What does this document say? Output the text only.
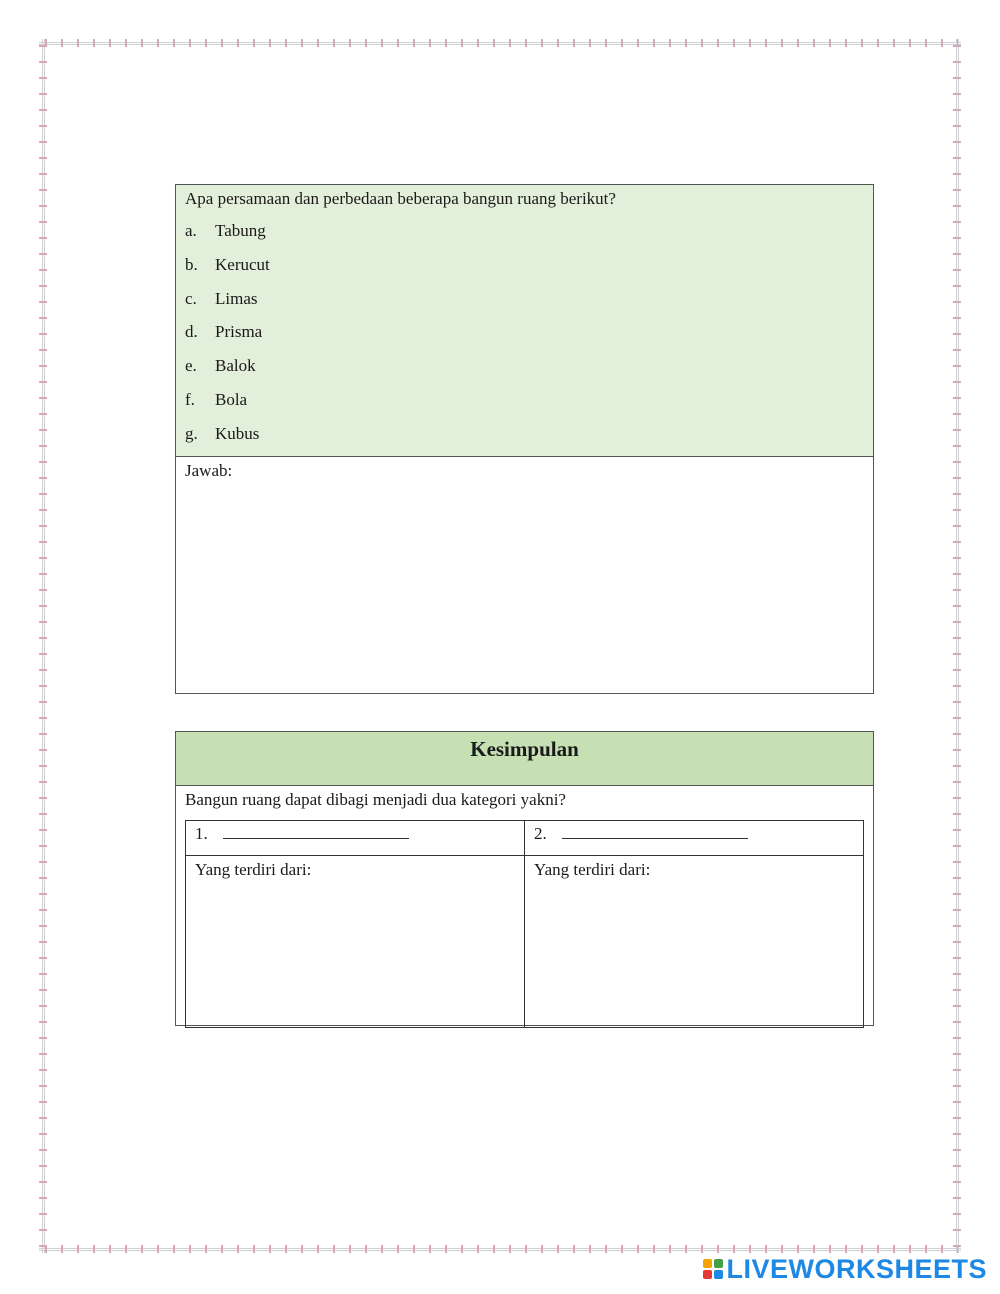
Apa persamaan dan perbedaan beberapa bangun ruang berikut?
a.	Tabung
b.	Kerucut
c.	Limas
d.	Prisma
e.	Balok
f.	Bola
g.	Kubus
Jawab:
Kesimpulan
Bangun ruang dapat dibagi menjadi dua kategori yakni?
1.	2.
Yang terdiri dari:	Yang terdiri dari:
LIVEWORKSHEETS
